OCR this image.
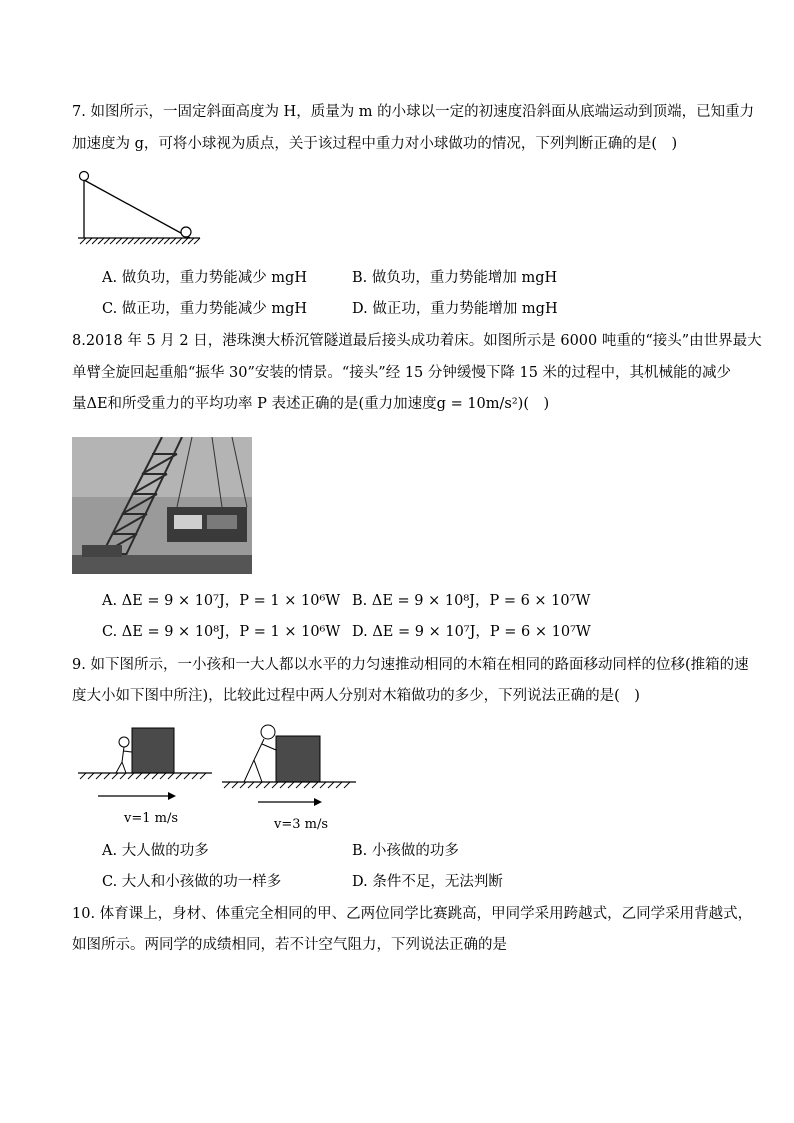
7. 如图所示，一固定斜面高度为 H，质量为 m 的小球以一定的初速度沿斜面从底端运动到顶端，已知重力
加速度为 g，可将小球视为质点，关于该过程中重力对小球做功的情况，下列判断正确的是(　)
A. 做负功，重力势能减少 mgH	B. 做负功，重力势能增加 mgH
C. 做正功，重力势能减少 mgH	D. 做正功，重力势能增加 mgH
8.2018 年 5 月 2 日，港珠澳大桥沉管隧道最后接头成功着床。如图所示是 6000 吨重的“接头”由世界最大
单臂全旋回起重船“振华 30”安装的情景。“接头”经 15 分钟缓慢下降 15 米的过程中，其机械能的减少
量ΔE和所受重力的平均功率 P 表述正确的是(重力加速度g = 10m/s²)(　)
A. ΔE = 9 × 10⁷J，P = 1 × 10⁶W B. ΔE = 9 × 10⁸J，P = 6 × 10⁷W
C. ΔE = 9 × 10⁸J，P = 1 × 10⁶W D. ΔE = 9 × 10⁷J，P = 6 × 10⁷W
9. 如下图所示，一小孩和一大人都以水平的力匀速推动相同的木箱在相同的路面移动同样的位移(推箱的速
度大小如下图中所注)，比较此过程中两人分别对木箱做功的多少，下列说法正确的是(　)
v=1 m/s	v=3 m/s
A. 大人做的功多	B. 小孩做的功多
C. 大人和小孩做的功一样多	D. 条件不足，无法判断
10. 体育课上，身材、体重完全相同的甲、乙两位同学比赛跳高，甲同学采用跨越式，乙同学采用背越式，
如图所示。两同学的成绩相同，若不计空气阻力，下列说法正确的是
